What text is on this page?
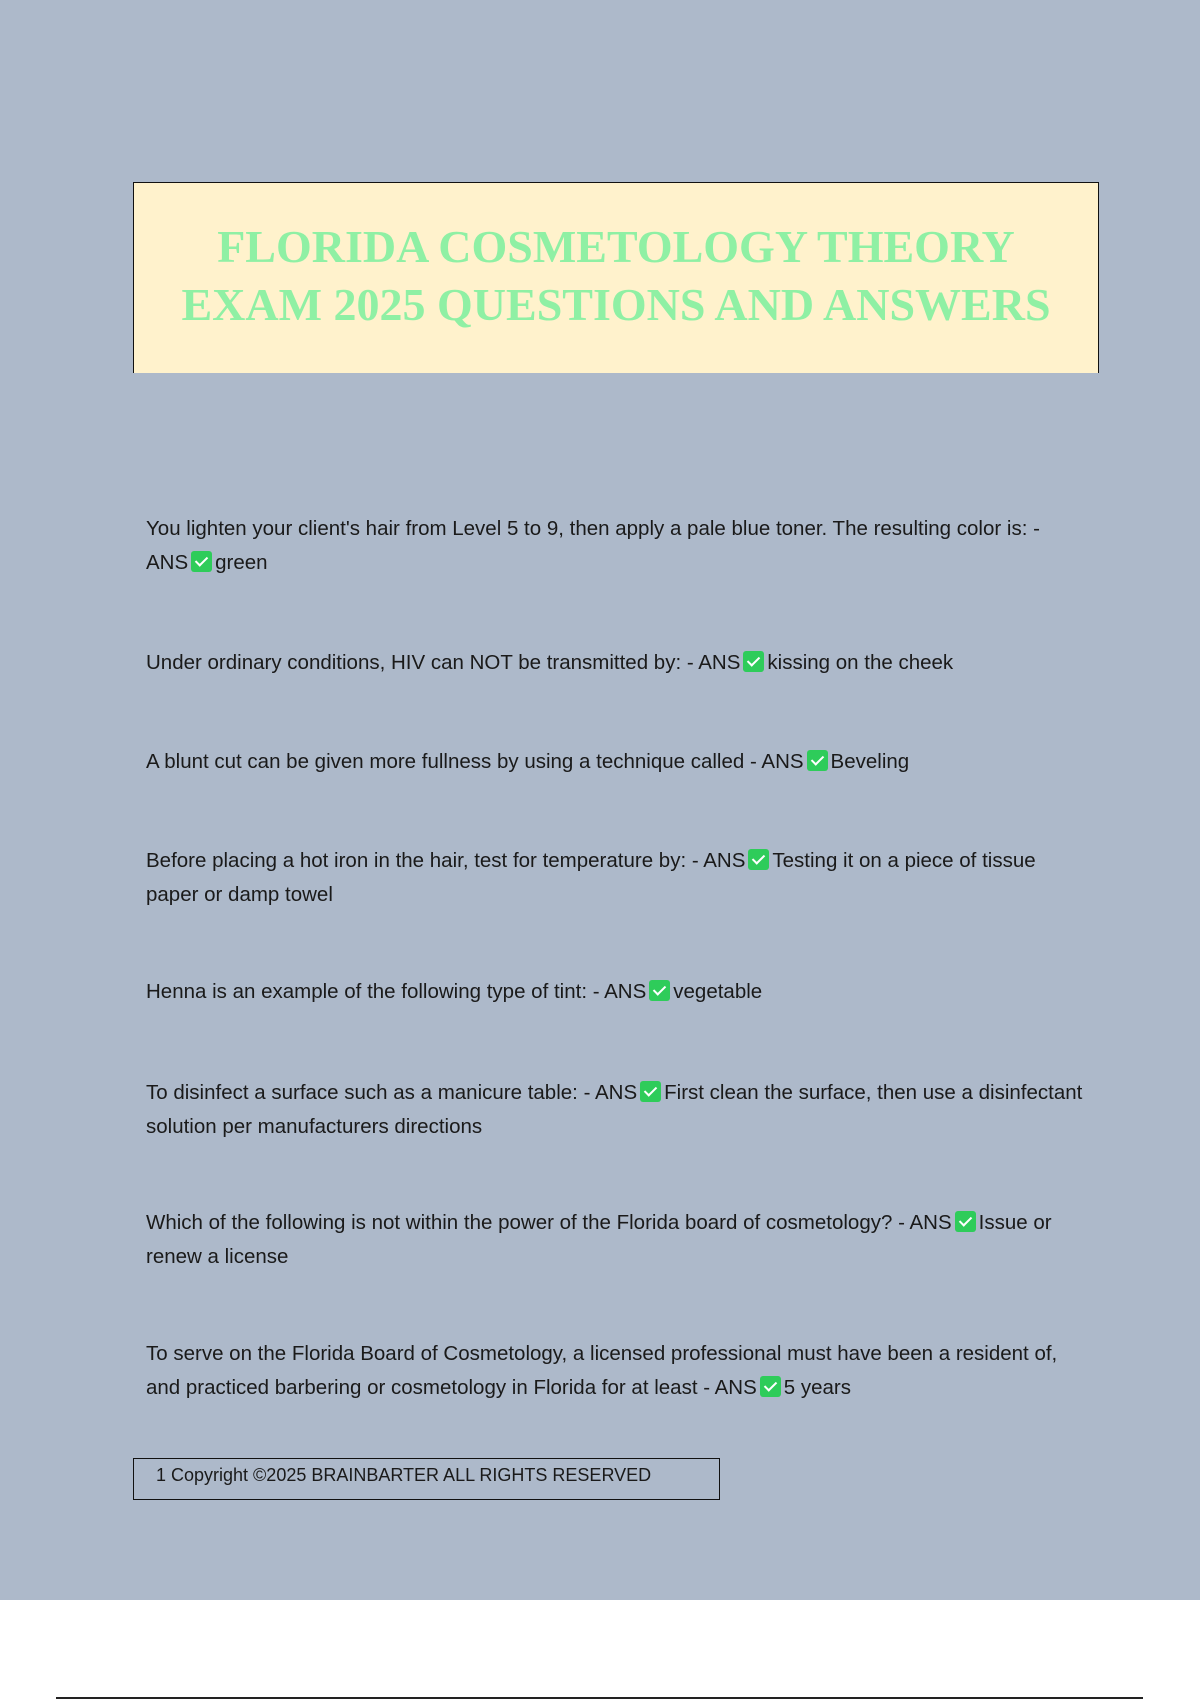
FLORIDA COSMETOLOGY THEORY EXAM 2025 QUESTIONS AND ANSWERS
You lighten your client's hair from Level 5 to 9, then apply a pale blue toner. The resulting color is: - ANS green
Under ordinary conditions, HIV can NOT be transmitted by: - ANS kissing on the cheek
A blunt cut can be given more fullness by using a technique called - ANS Beveling
Before placing a hot iron in the hair, test for temperature by: - ANS Testing it on a piece of tissue paper or damp towel
Henna is an example of the following type of tint: - ANS vegetable
To disinfect a surface such as a manicure table: - ANS First clean the surface, then use a disinfectant solution per manufacturers directions
Which of the following is not within the power of the Florida board of cosmetology? - ANS Issue or renew a license
To serve on the Florida Board of Cosmetology, a licensed professional must have been a resident of, and practiced barbering or cosmetology in Florida for at least - ANS 5 years
1 Copyright ©2025 BRAINBARTER ALL RIGHTS RESERVED
